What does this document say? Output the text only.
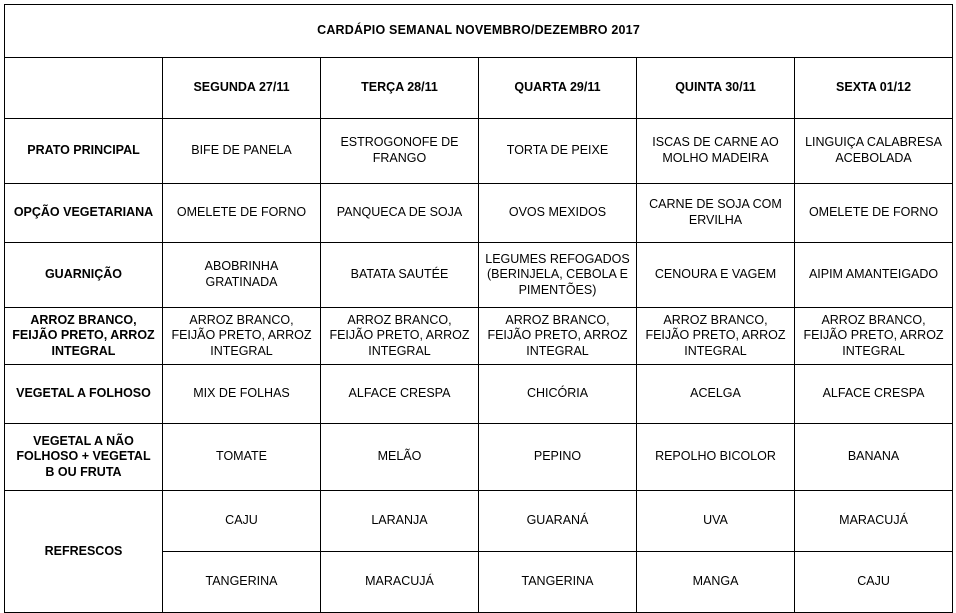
CARDÁPIO SEMANAL NOVEMBRO/DEZEMBRO 2017					
	SEGUNDA 27/11	TERÇA 28/11	QUARTA 29/11	QUINTA 30/11	SEXTA 01/12
PRATO PRINCIPAL	BIFE DE PANELA	ESTROGONOFE DE FRANGO	TORTA DE PEIXE	ISCAS DE CARNE AO MOLHO MADEIRA	LINGUIÇA CALABRESA ACEBOLADA
OPÇÃO VEGETARIANA	OMELETE DE FORNO	PANQUECA DE SOJA	OVOS MEXIDOS	CARNE DE SOJA COM ERVILHA	OMELETE DE FORNO
GUARNIÇÃO	ABOBRINHA GRATINADA	BATATA SAUTÉE	LEGUMES REFOGADOS (BERINJELA, CEBOLA E PIMENTÕES)	CENOURA E VAGEM	AIPIM AMANTEIGADO
ARROZ BRANCO, FEIJÃO PRETO, ARROZ INTEGRAL	ARROZ BRANCO, FEIJÃO PRETO, ARROZ INTEGRAL	ARROZ BRANCO, FEIJÃO PRETO, ARROZ INTEGRAL	ARROZ BRANCO, FEIJÃO PRETO, ARROZ INTEGRAL	ARROZ BRANCO, FEIJÃO PRETO, ARROZ INTEGRAL	ARROZ BRANCO, FEIJÃO PRETO, ARROZ INTEGRAL
VEGETAL A FOLHOSO	MIX DE FOLHAS	ALFACE CRESPA	CHICÓRIA	ACELGA	ALFACE CRESPA
VEGETAL A NÃO FOLHOSO + VEGETAL B OU FRUTA	TOMATE	MELÃO	PEPINO	REPOLHO BICOLOR	BANANA
REFRESCOS	CAJU	LARANJA	GUARANÁ	UVA	MARACUJÁ
	TANGERINA	MARACUJÁ	TANGERINA	MANGA	CAJU
